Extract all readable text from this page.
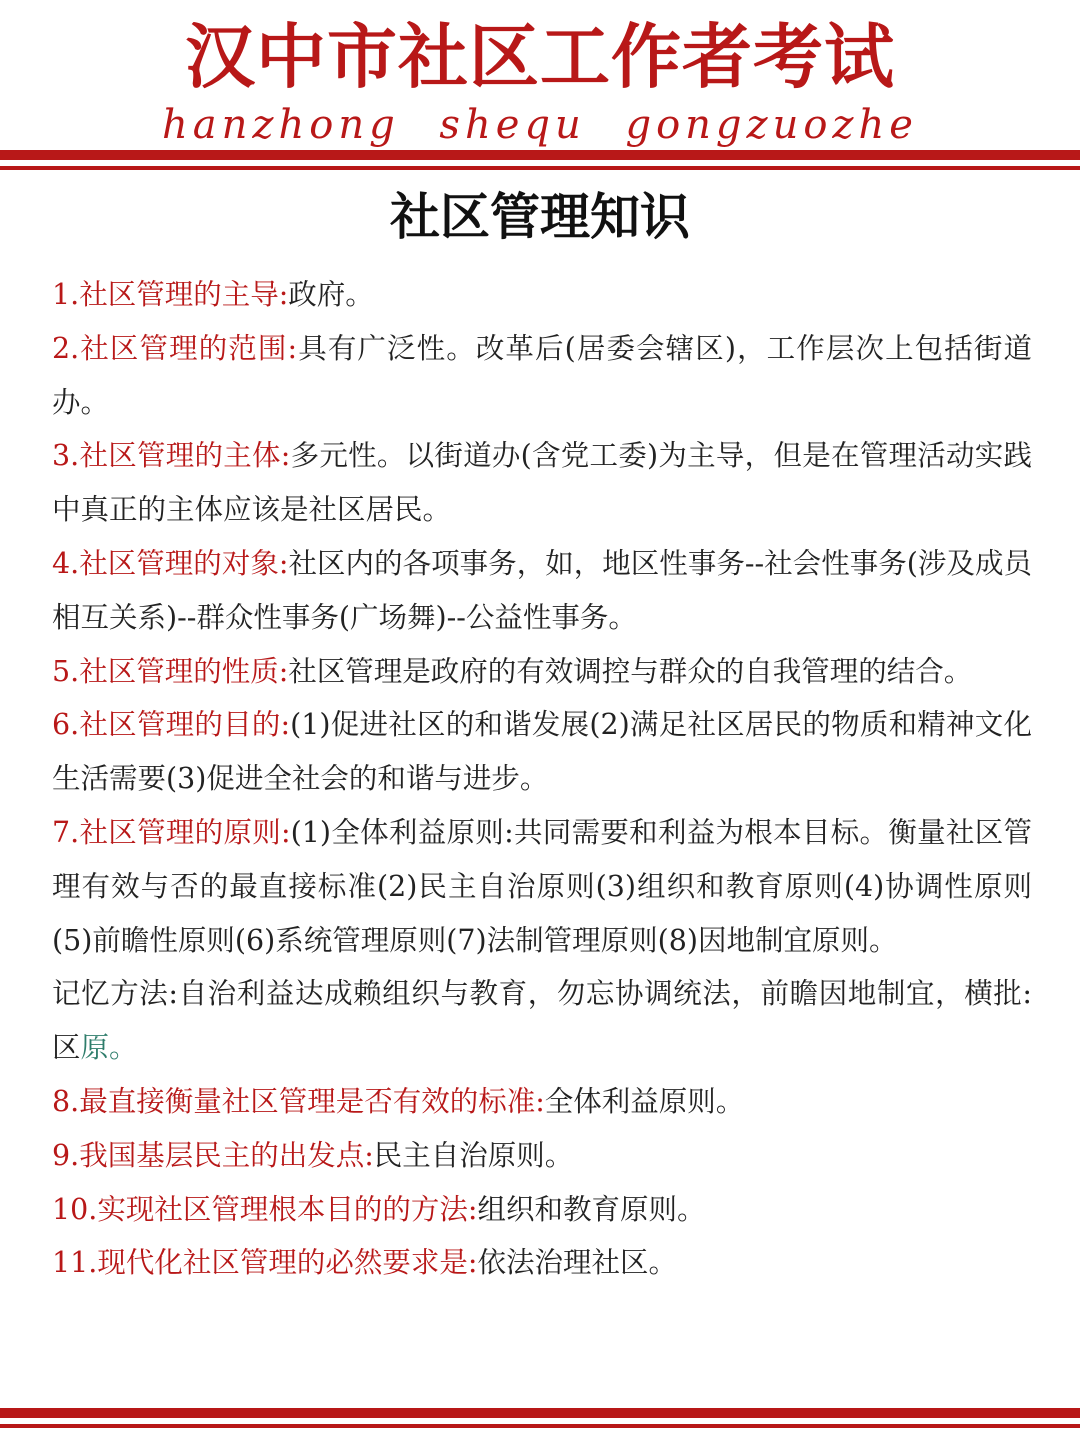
汉中市社区工作者考试
hanzhong shequ gongzuozhe
社区管理知识

1.社区管理的主导:政府。

2.社区管理的范围:具有广泛性。改革后(居委会辖区)，工作层次上包括街道办。

3.社区管理的主体:多元性。以街道办(含党工委)为主导，但是在管理活动实践中真正的主体应该是社区居民。

4.社区管理的对象:社区内的各项事务，如，地区性事务--社会性事务(涉及成员相互关系)--群众性事务(广场舞)--公益性事务。

5.社区管理的性质:社区管理是政府的有效调控与群众的自我管理的结合。

6.社区管理的目的:(1)促进社区的和谐发展(2)满足社区居民的物质和精神文化生活需要(3)促进全社会的和谐与进步。

7.社区管理的原则:(1)全体利益原则:共同需要和利益为根本目标。衡量社区管理有效与否的最直接标准(2)民主自治原则(3)组织和教育原则(4)协调性原则(5)前瞻性原则(6)系统管理原则(7)法制管理原则(8)因地制宜原则。

记忆方法:自治利益达成赖组织与教育，勿忘协调统法，前瞻因地制宜，横批:区原。

8.最直接衡量社区管理是否有效的标准:全体利益原则。

9.我国基层民主的出发点:民主自治原则。

10.实现社区管理根本目的的方法:组织和教育原则。

11.现代化社区管理的必然要求是:依法治理社区。
